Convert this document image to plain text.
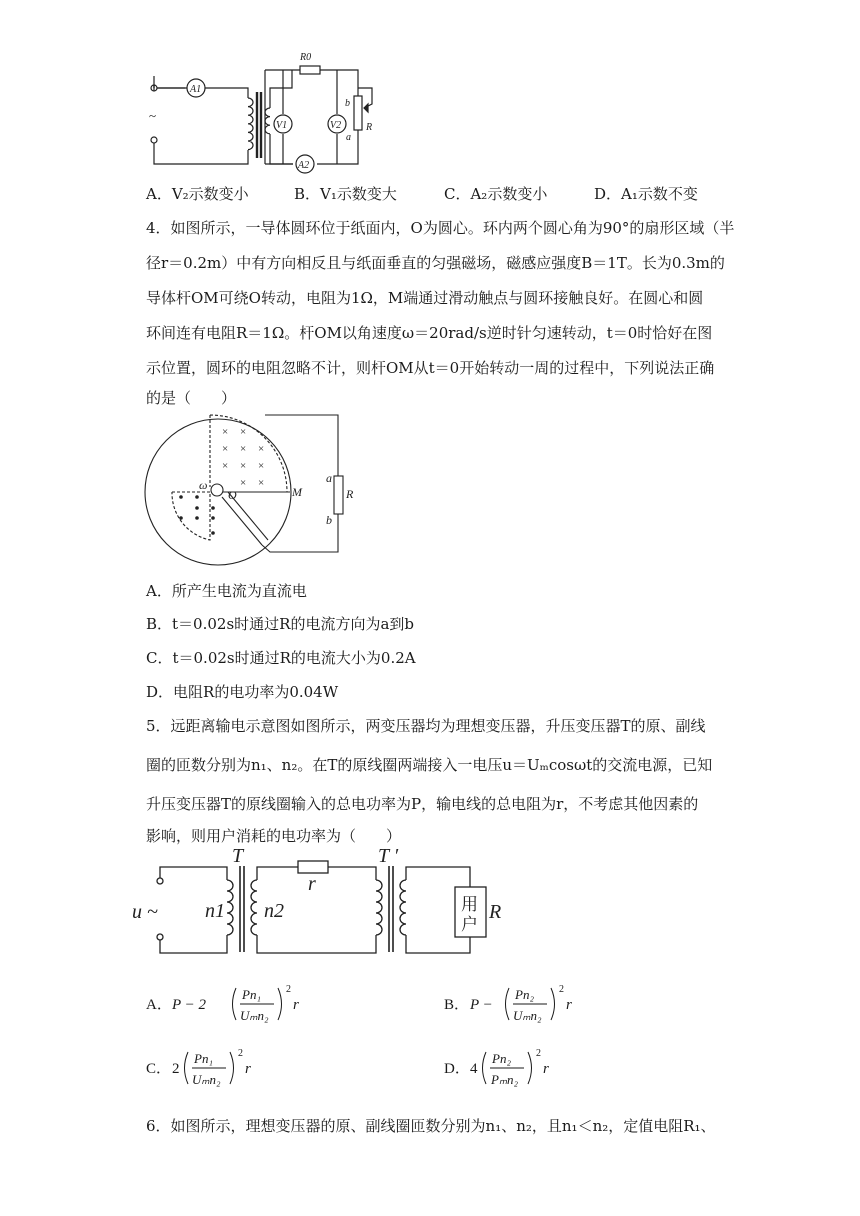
A1
V1	V2
A2
R0
b
a
R
~
A．V₂示数变小	B．V₁示数变大	C．A₂示数变小	D．A₁示数不变
4．如图所示，一导体圆环位于纸面内，O为圆心。环内两个圆心角为90°的扇形区域（半
径r＝0.2m）中有方向相反且与纸面垂直的匀强磁场，磁感应强度B＝1T。长为0.3m的
导体杆OM可绕O转动，电阻为1Ω，M端通过滑动触点与圆环接触良好。在圆心和圆
环间连有电阻R＝1Ω。杆OM以角速度ω＝20rad/s逆时针匀速转动，t＝0时恰好在图
示位置，圆环的电阻忽略不计，则杆OM从t＝0开始转动一周的过程中，下列说法正确
的是（　　）
× ×
× × ×
× × ×
× ×
ω
O	M
a
R
b
A．所产生电流为直流电
B．t＝0.02s时通过R的电流方向为a到b
C．t＝0.02s时通过R的电流大小为0.2A
D．电阻R的电功率为0.04W
5．远距离输电示意图如图所示，两变压器均为理想变压器，升压变压器T的原、副线
圈的匝数分别为n₁、n₂。在T的原线圈两端接入一电压u＝Uₘcosωt的交流电源，已知
升压变压器T的原线圈输入的总电功率为P，输电线的总电阻为r，不考虑其他因素的
影响，则用户消耗的电功率为（　　）
u ~ n1 n2
T	T ′
r
用
户
R
A． P − 2
Pn₁
Uₘn₂
2
r	B． P −
Pn₂
Uₘn₂
2
r
C． 2
Pn₁
Uₘn₂
2
r	D． 4
Pn₂
Pₘn₂
2
r
6．如图所示，理想变压器的原、副线圈匝数分别为n₁、n₂，且n₁＜n₂，定值电阻R₁、
